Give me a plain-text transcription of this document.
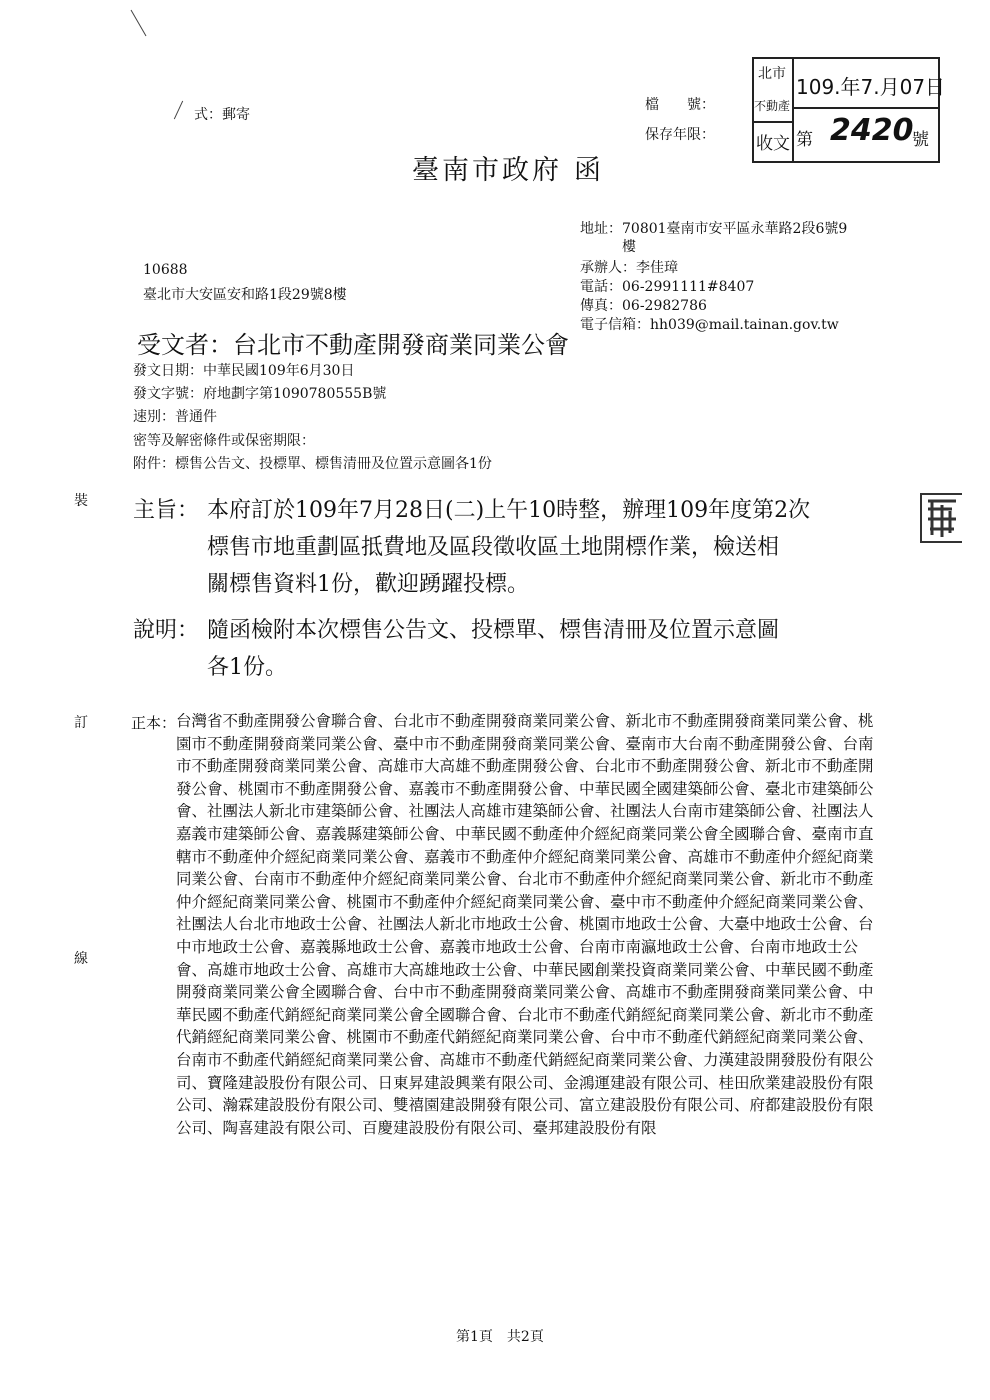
式：郵寄
檔　　號：
保存年限：
北市
不動產
109.年7.月07日
收文 第 2420
號
臺南市政府 函
地址：70801臺南市安平區永華路2段6號9
樓
承辦人：李佳璋
電話：06-2991111#8407
傳真：06-2982786
電子信箱：hh039@mail.tainan.gov.tw
10688
臺北市大安區安和路1段29號8樓
受文者：台北市不動產開發商業同業公會
發文日期：中華民國109年6月30日
發文字號：府地劃字第1090780555B號
速別：普通件
密等及解密條件或保密期限：
附件：標售公告文、投標單、標售清冊及位置示意圖各1份
裝
訂
線
主旨： 本府訂於109年7月28日(二)上午10時整，辦理109年度第2次
標售市地重劃區抵費地及區段徵收區土地開標作業，檢送相
關標售資料1份，歡迎踴躍投標。
說明： 隨函檢附本次標售公告文、投標單、標售清冊及位置示意圖
各1份。
正本： 台灣省不動產開發公會聯合會、台北市不動產開發商業同業公會、新北市不動產開發商業同業公會、桃園市不動產開發商業同業公會、臺中市不動產開發商業同業公會、臺南市大台南不動產開發公會、台南市不動產開發商業同業公會、高雄市大高雄不動產開發公會、台北市不動產開發公會、新北市不動產開發公會、桃園市不動產開發公會、嘉義市不動產開發公會、中華民國全國建築師公會、臺北市建築師公會、社團法人新北市建築師公會、社團法人高雄市建築師公會、社團法人台南市建築師公會、社團法人嘉義市建築師公會、嘉義縣建築師公會、中華民國不動產仲介經紀商業同業公會全國聯合會、臺南市直轄市不動產仲介經紀商業同業公會、嘉義市不動產仲介經紀商業同業公會、高雄市不動產仲介經紀商業同業公會、台南市不動產仲介經紀商業同業公會、台北市不動產仲介經紀商業同業公會、新北市不動產仲介經紀商業同業公會、桃園市不動產仲介經紀商業同業公會、臺中市不動產仲介經紀商業同業公會、社團法人台北市地政士公會、社團法人新北市地政士公會、桃園市地政士公會、大臺中地政士公會、台中市地政士公會、嘉義縣地政士公會、嘉義市地政士公會、台南市南瀛地政士公會、台南市地政士公會、高雄市地政士公會、高雄市大高雄地政士公會、中華民國創業投資商業同業公會、中華民國不動產開發商業同業公會全國聯合會、台中市不動產開發商業同業公會、高雄市不動產開發商業同業公會、中華民國不動產代銷經紀商業同業公會全國聯合會、台北市不動產代銷經紀商業同業公會、新北市不動產代銷經紀商業同業公會、桃園市不動產代銷經紀商業同業公會、台中市不動產代銷經紀商業同業公會、台南市不動產代銷經紀商業同業公會、高雄市不動產代銷經紀商業同業公會、力漢建設開發股份有限公司、寶隆建設股份有限公司、日東昇建設興業有限公司、金鴻運建設有限公司、桂田欣業建設股份有限公司、瀚霖建設股份有限公司、雙禧園建設開發有限公司、富立建設股份有限公司、府都建設股份有限公司、陶喜建設有限公司、百慶建設股份有限公司、臺邦建設股份有限
第1頁　共2頁
